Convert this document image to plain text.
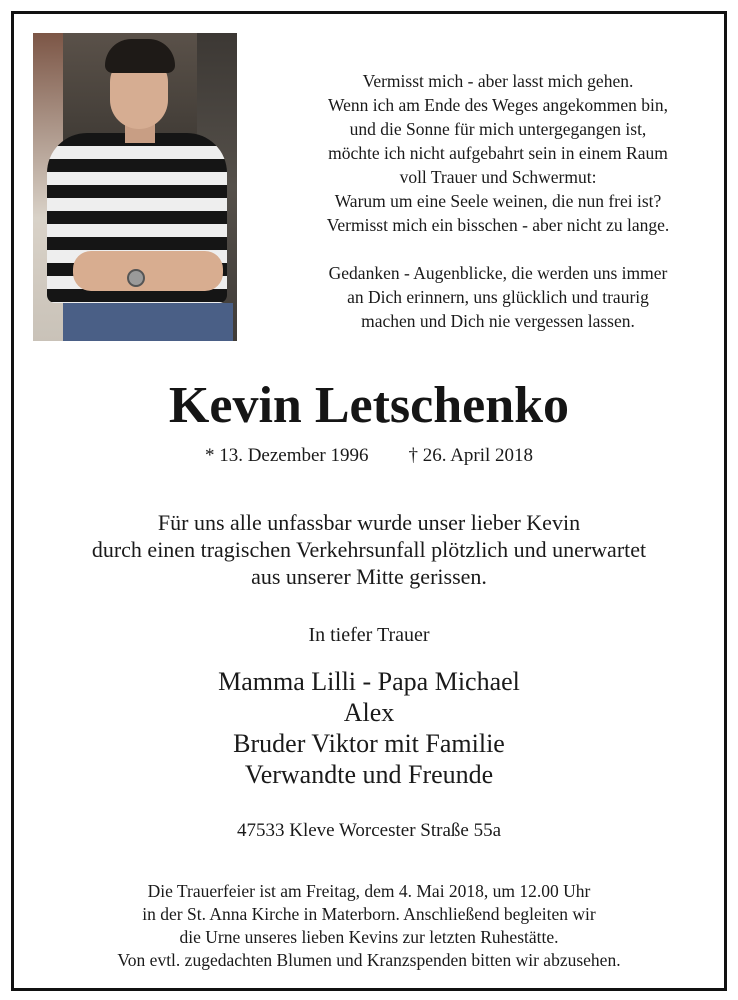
Vermisst mich - aber lasst mich gehen.

Wenn ich am Ende des Weges angekommen bin,

und die Sonne für mich untergegangen ist,

möchte ich nicht aufgebahrt sein in einem Raum

voll Trauer und Schwermut:

Warum um eine Seele weinen, die nun frei ist?

Vermisst mich ein bisschen - aber nicht zu lange.

Gedanken - Augenblicke, die werden uns immer

an Dich erinnern, uns glücklich und traurig

machen und Dich nie vergessen lassen.

Kevin Letschenko
* 13. Dezember 1996 † 26. April 2018

Für uns alle unfassbar wurde unser lieber Kevin

durch einen tragischen Verkehrsunfall plötzlich und unerwartet

aus unserer Mitte gerissen.

In tiefer Trauer

Mamma Lilli - Papa Michael

Alex

Bruder Viktor mit Familie

Verwandte und Freunde

47533 Kleve Worcester Straße 55a

Die Trauerfeier ist am Freitag, dem 4. Mai 2018, um 12.00 Uhr

in der St. Anna Kirche in Materborn. Anschließend begleiten wir

die Urne unseres lieben Kevins zur letzten Ruhestätte.

Von evtl. zugedachten Blumen und Kranzspenden bitten wir abzusehen.
